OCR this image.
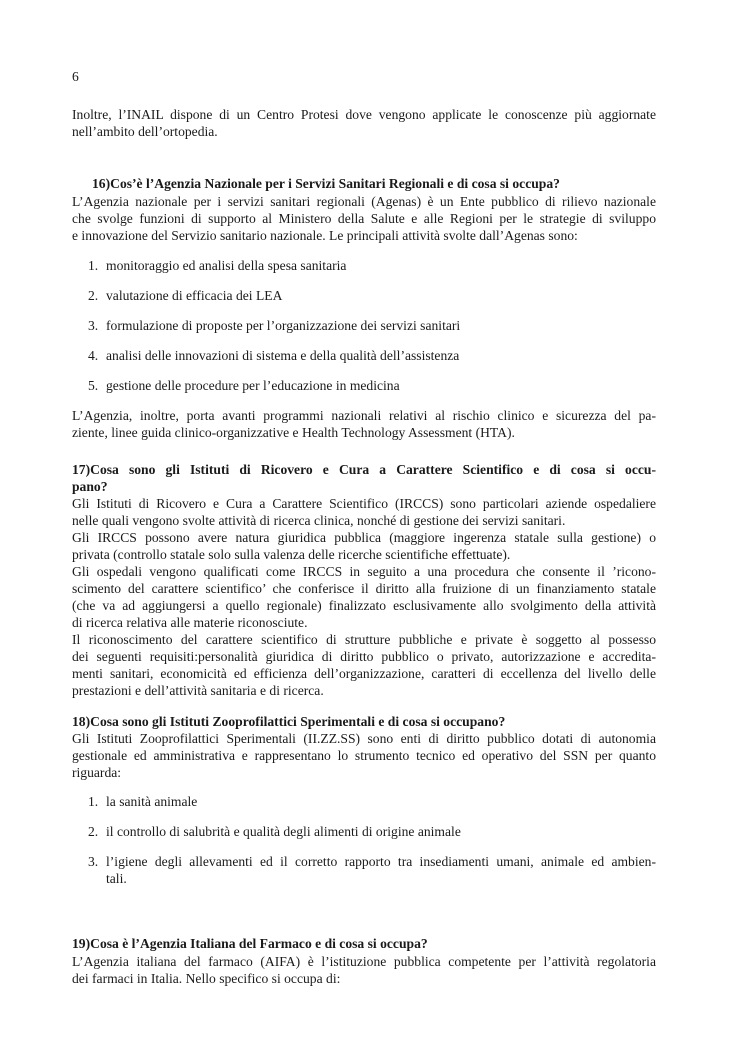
6
Inoltre, l’INAIL dispone di un Centro Protesi dove vengono applicate le conoscenze più aggiornate
nell’ambito dell’ortopedia.
16)Cos’è l’Agenzia Nazionale per i Servizi Sanitari Regionali e di cosa si occupa?
L’Agenzia nazionale per i servizi sanitari regionali (Agenas) è un Ente pubblico di rilievo nazionale
che svolge funzioni di supporto al Ministero della Salute e alle Regioni per le strategie di sviluppo
e innovazione del Servizio sanitario nazionale. Le principali attività svolte dall’Agenas sono:
1. monitoraggio ed analisi della spesa sanitaria
2. valutazione di efficacia dei LEA
3. formulazione di proposte per l’organizzazione dei servizi sanitari
4. analisi delle innovazioni di sistema e della qualità dell’assistenza
5. gestione delle procedure per l’educazione in medicina
L’Agenzia, inoltre, porta avanti programmi nazionali relativi al rischio clinico e sicurezza del pa-
ziente, linee guida clinico-organizzative e Health Technology Assessment (HTA).
17)Cosa sono gli Istituti di Ricovero e Cura a Carattere Scientifico e di cosa si occu-
pano?
Gli Istituti di Ricovero e Cura a Carattere Scientifico (IRCCS) sono particolari aziende ospedaliere
nelle quali vengono svolte attività di ricerca clinica, nonché di gestione dei servizi sanitari.
Gli IRCCS possono avere natura giuridica pubblica (maggiore ingerenza statale sulla gestione) o
privata (controllo statale solo sulla valenza delle ricerche scientifiche effettuate).
Gli ospedali vengono qualificati come IRCCS in seguito a una procedura che consente il ’ricono-
scimento del carattere scientifico’ che conferisce il diritto alla fruizione di un finanziamento statale
(che va ad aggiungersi a quello regionale) finalizzato esclusivamente allo svolgimento della attività
di ricerca relativa alle materie riconosciute.
Il riconoscimento del carattere scientifico di strutture pubbliche e private è soggetto al possesso
dei seguenti requisiti:personalità giuridica di diritto pubblico o privato, autorizzazione e accredita-
menti sanitari, economicità ed efficienza dell’organizzazione, caratteri di eccellenza del livello delle
prestazioni e dell’attività sanitaria e di ricerca.
18)Cosa sono gli Istituti Zooprofilattici Sperimentali e di cosa si occupano?
Gli Istituti Zooprofilattici Sperimentali (II.ZZ.SS) sono enti di diritto pubblico dotati di autonomia
gestionale ed amministrativa e rappresentano lo strumento tecnico ed operativo del SSN per quanto
riguarda:
1. la sanità animale
2. il controllo di salubrità e qualità degli alimenti di origine animale
3. l’igiene degli allevamenti ed il corretto rapporto tra insediamenti umani, animale ed ambien-
tali.
19)Cosa è l’Agenzia Italiana del Farmaco e di cosa si occupa?
L’Agenzia italiana del farmaco (AIFA) è l’istituzione pubblica competente per l’attività regolatoria
dei farmaci in Italia. Nello specifico si occupa di:
